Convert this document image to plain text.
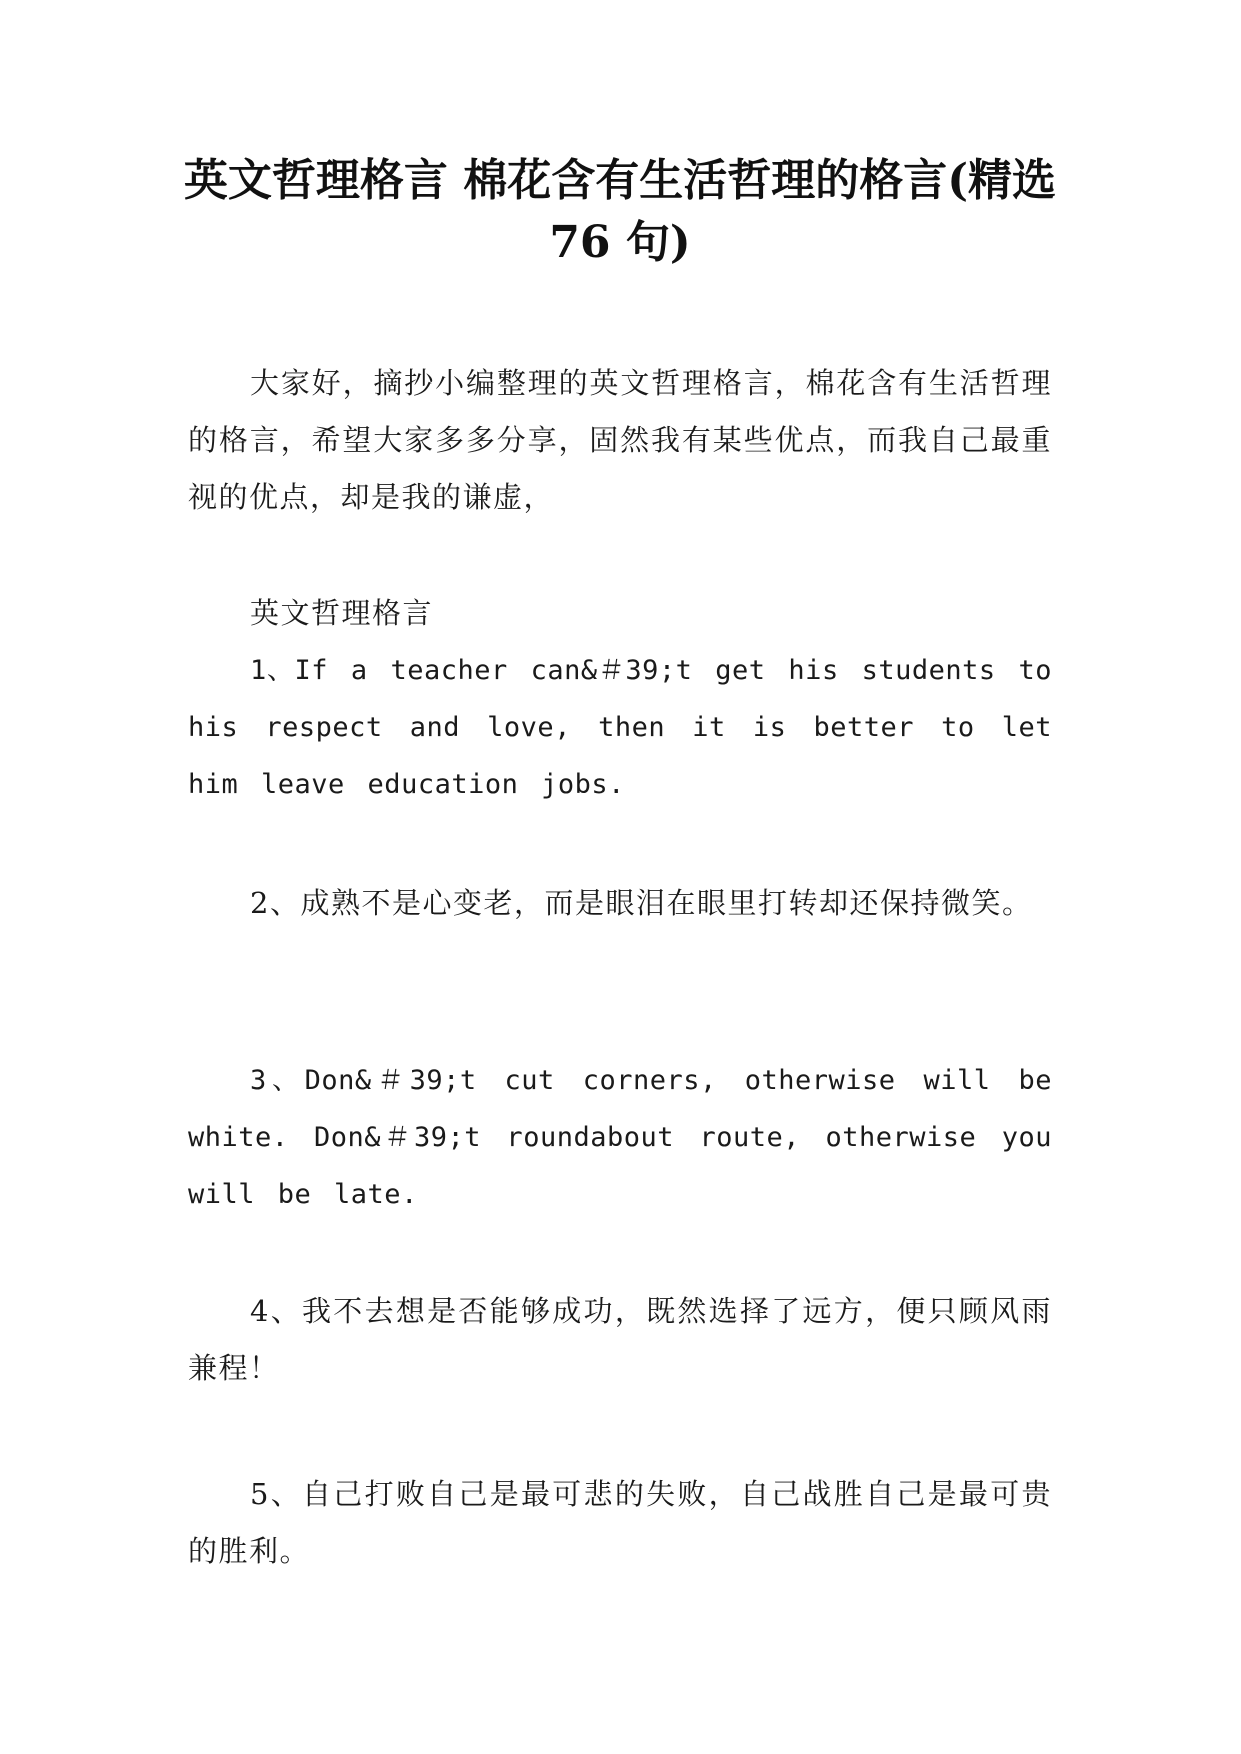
英文哲理格言 棉花含有生活哲理的格言(精选 76 句)

大家好，摘抄小编整理的英文哲理格言，棉花含有生活哲理的格言，希望大家多多分享，固然我有某些优点，而我自己最重视的优点，却是我的谦虚，

英文哲理格言

1、If a teacher can&＃39;t get his students to his respect and love, then it is better to let him leave education jobs.

2、成熟不是心变老，而是眼泪在眼里打转却还保持微笑。

3、Don&＃39;t cut corners, otherwise will be white. Don&＃39;t roundabout route, otherwise you will be late.

4、我不去想是否能够成功，既然选择了远方，便只顾风雨兼程！

5、自己打败自己是最可悲的失败，自己战胜自己是最可贵的胜利。
